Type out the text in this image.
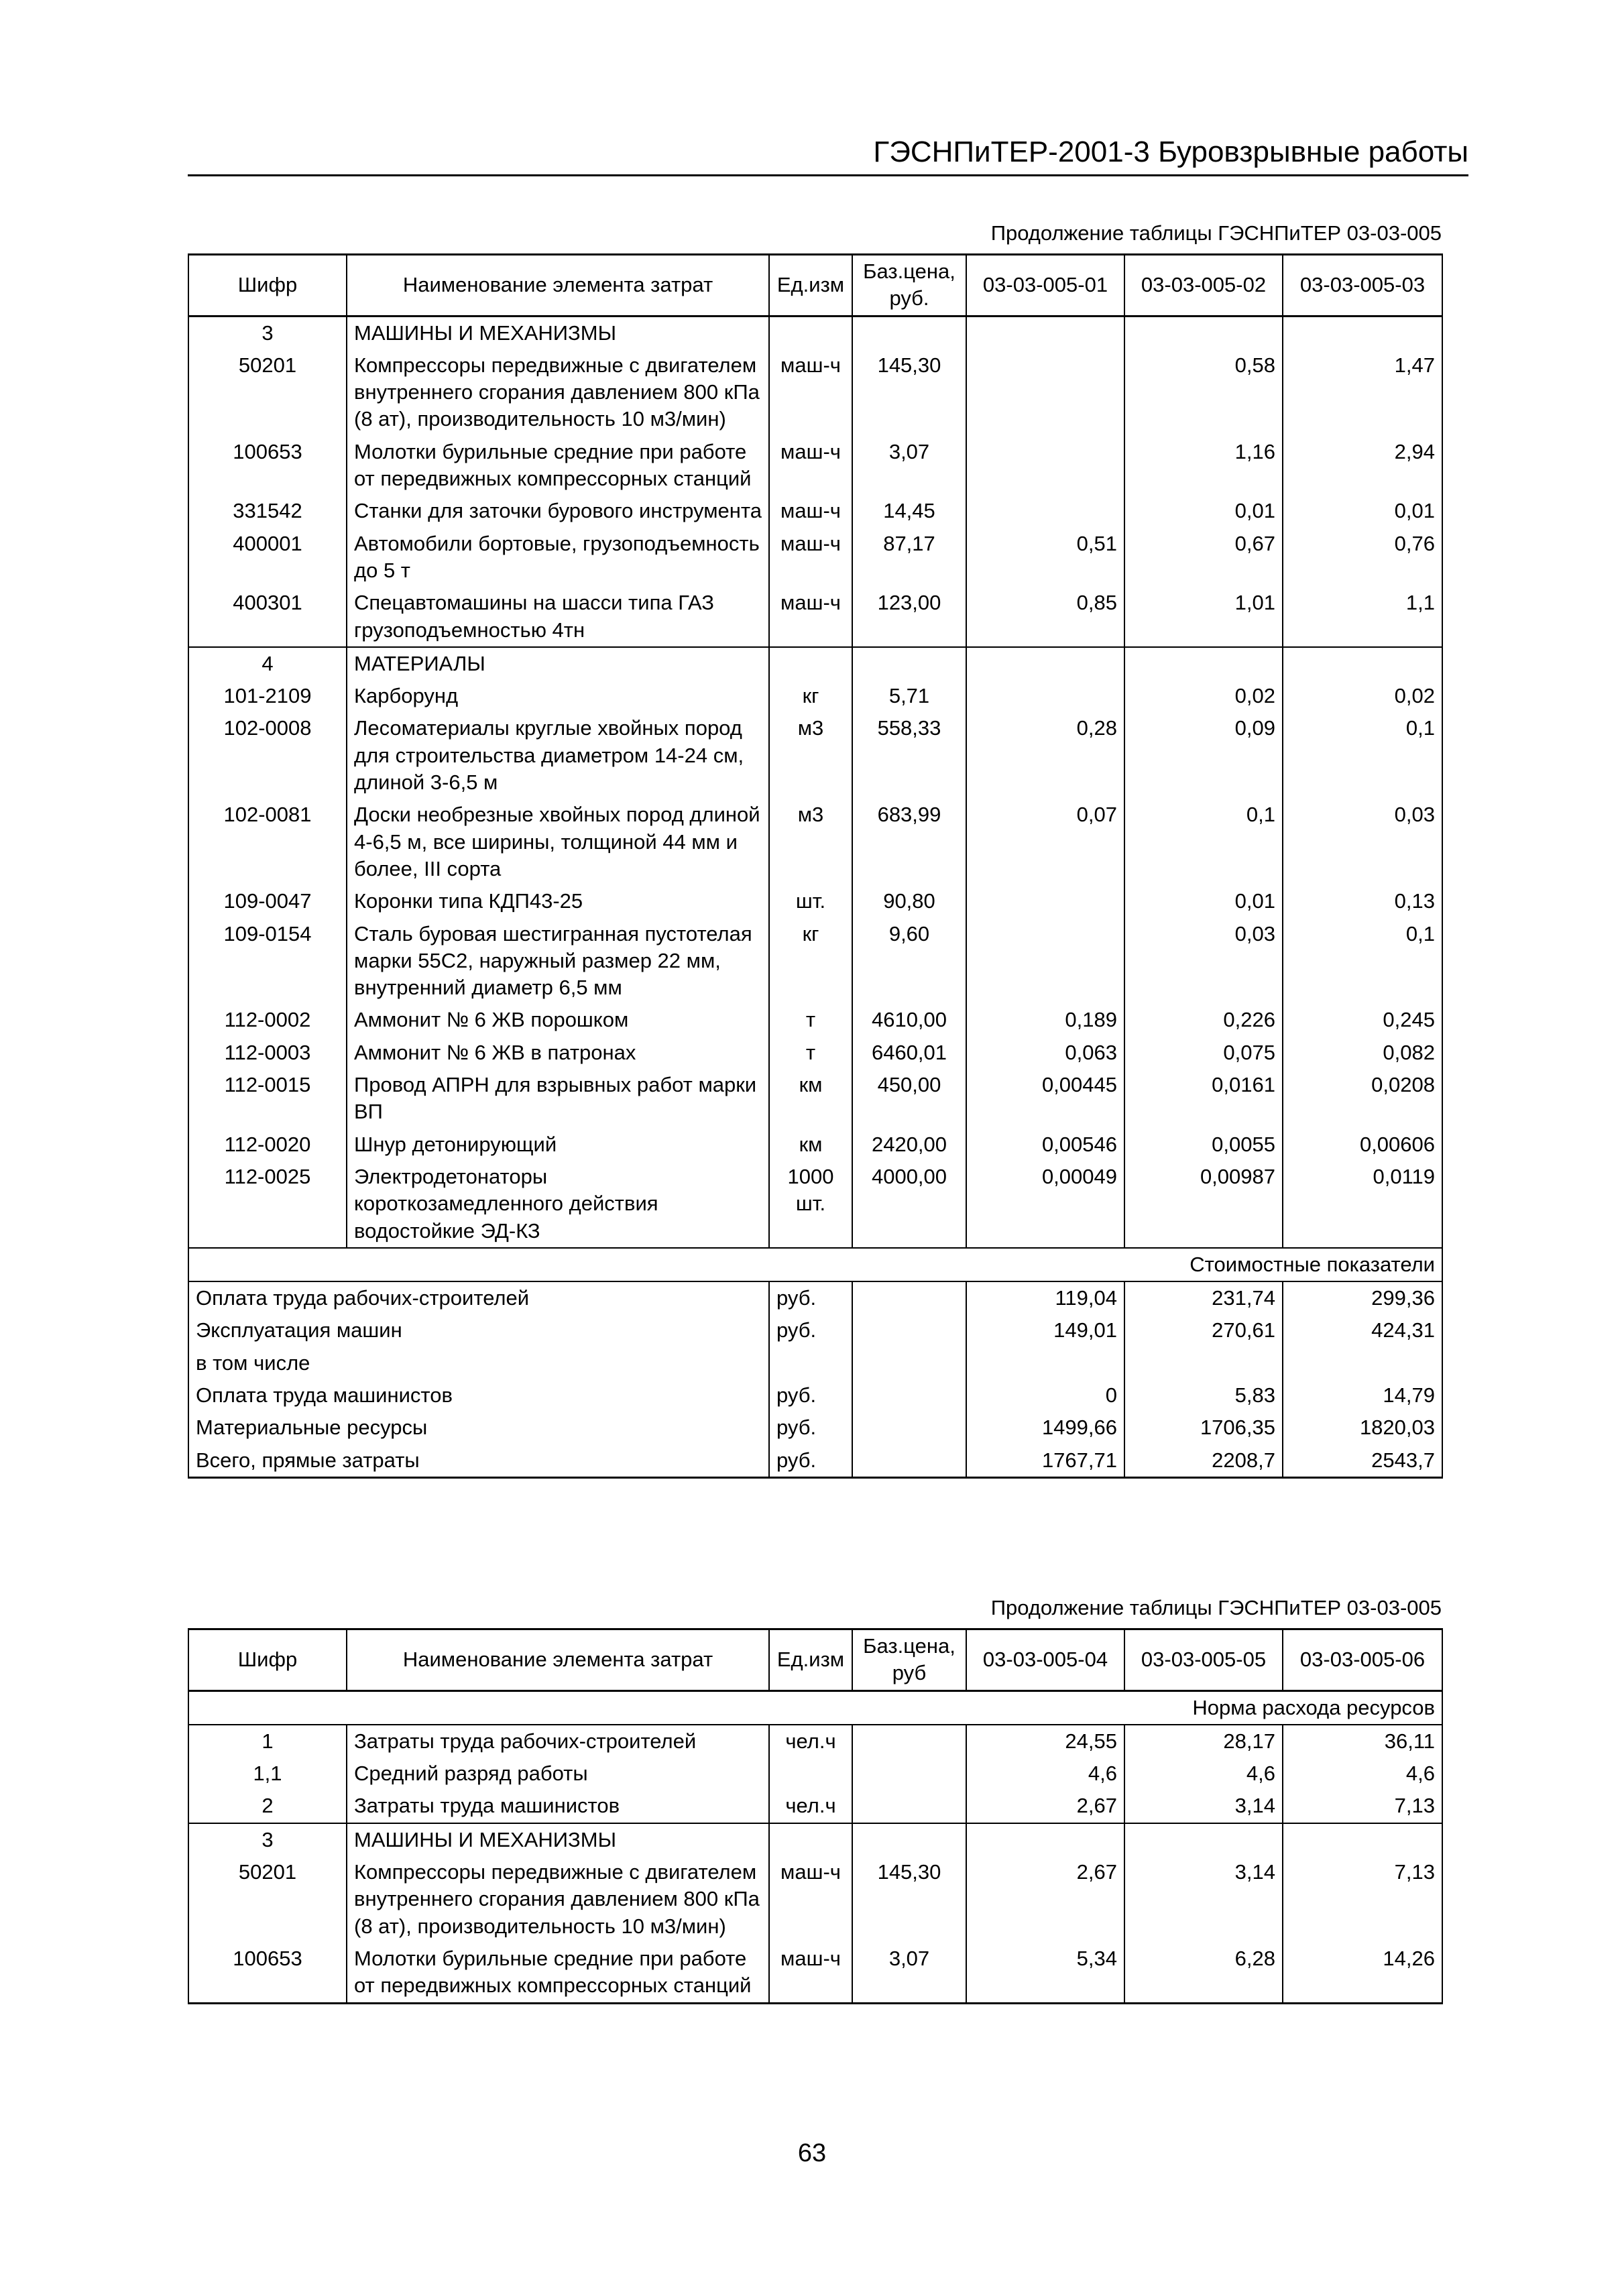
ГЭСНПиТЕР-2001-3 Буровзрывные работы
Продолжение таблицы ГЭСНПиТЕР 03-03-005
Шифр	Наименование элемента затрат	Ед.изм	Баз.цена, руб.	03-03-005-01	03-03-005-02	03-03-005-03
3	МАШИНЫ И МЕХАНИЗМЫ					
50201	Компрессоры передвижные с двигателем внутреннего сгорания давлением 800 кПа (8 ат), производительность 10 м3/мин)	маш-ч	145,30		0,58	1,47
100653	Молотки бурильные средние при работе от передвижных компрессорных станций	маш-ч	3,07		1,16	2,94
331542	Станки для заточки бурового инструмента	маш-ч	14,45		0,01	0,01
400001	Автомобили бортовые, грузоподъемность до 5 т	маш-ч	87,17	0,51	0,67	0,76
400301	Спецавтомашины на шасси типа ГАЗ грузоподъемностью 4тн	маш-ч	123,00	0,85	1,01	1,1
4	МАТЕРИАЛЫ					
101-2109	Карборунд	кг	5,71		0,02	0,02
102-0008	Лесоматериалы круглые хвойных пород для строительства диаметром 14-24 см, длиной 3-6,5 м	м3	558,33	0,28	0,09	0,1
102-0081	Доски необрезные хвойных пород длиной 4-6,5 м, все ширины, толщиной 44 мм и более, III сорта	м3	683,99	0,07	0,1	0,03
109-0047	Коронки типа КДП43-25	шт.	90,80		0,01	0,13
109-0154	Сталь буровая шестигранная пустотелая марки 55С2, наружный размер 22 мм, внутренний диаметр 6,5 мм	кг	9,60		0,03	0,1
112-0002	Аммонит № 6 ЖВ порошком	т	4610,00	0,189	0,226	0,245
112-0003	Аммонит № 6 ЖВ в патронах	т	6460,01	0,063	0,075	0,082
112-0015	Провод АПРН для взрывных работ марки ВП	км	450,00	0,00445	0,0161	0,0208
112-0020	Шнур детонирующий	км	2420,00	0,00546	0,0055	0,00606
112-0025	Электродетонаторы короткозамедленного действия водостойкие ЭД-КЗ	1000 шт.	4000,00	0,00049	0,00987	0,0119
Стоимостные показатели						
Оплата труда рабочих-строителей		руб.		119,04	231,74	299,36
Эксплуатация машин		руб.		149,01	270,61	424,31
в том числе						
Оплата труда машинистов		руб.		0	5,83	14,79
Материальные ресурсы		руб.		1499,66	1706,35	1820,03
Всего, прямые затраты		руб.		1767,71	2208,7	2543,7
Продолжение таблицы ГЭСНПиТЕР 03-03-005
Шифр	Наименование элемента затрат	Ед.изм	Баз.цена, руб	03-03-005-04	03-03-005-05	03-03-005-06
Норма расхода ресурсов						
1	Затраты труда рабочих-строителей	чел.ч		24,55	28,17	36,11
1,1	Средний разряд работы			4,6	4,6	4,6
2	Затраты труда машинистов	чел.ч		2,67	3,14	7,13
3	МАШИНЫ И МЕХАНИЗМЫ					
50201	Компрессоры передвижные с двигателем внутреннего сгорания давлением 800 кПа (8 ат), производительность 10 м3/мин)	маш-ч	145,30	2,67	3,14	7,13
100653	Молотки бурильные средние при работе от передвижных компрессорных станций	маш-ч	3,07	5,34	6,28	14,26
63
